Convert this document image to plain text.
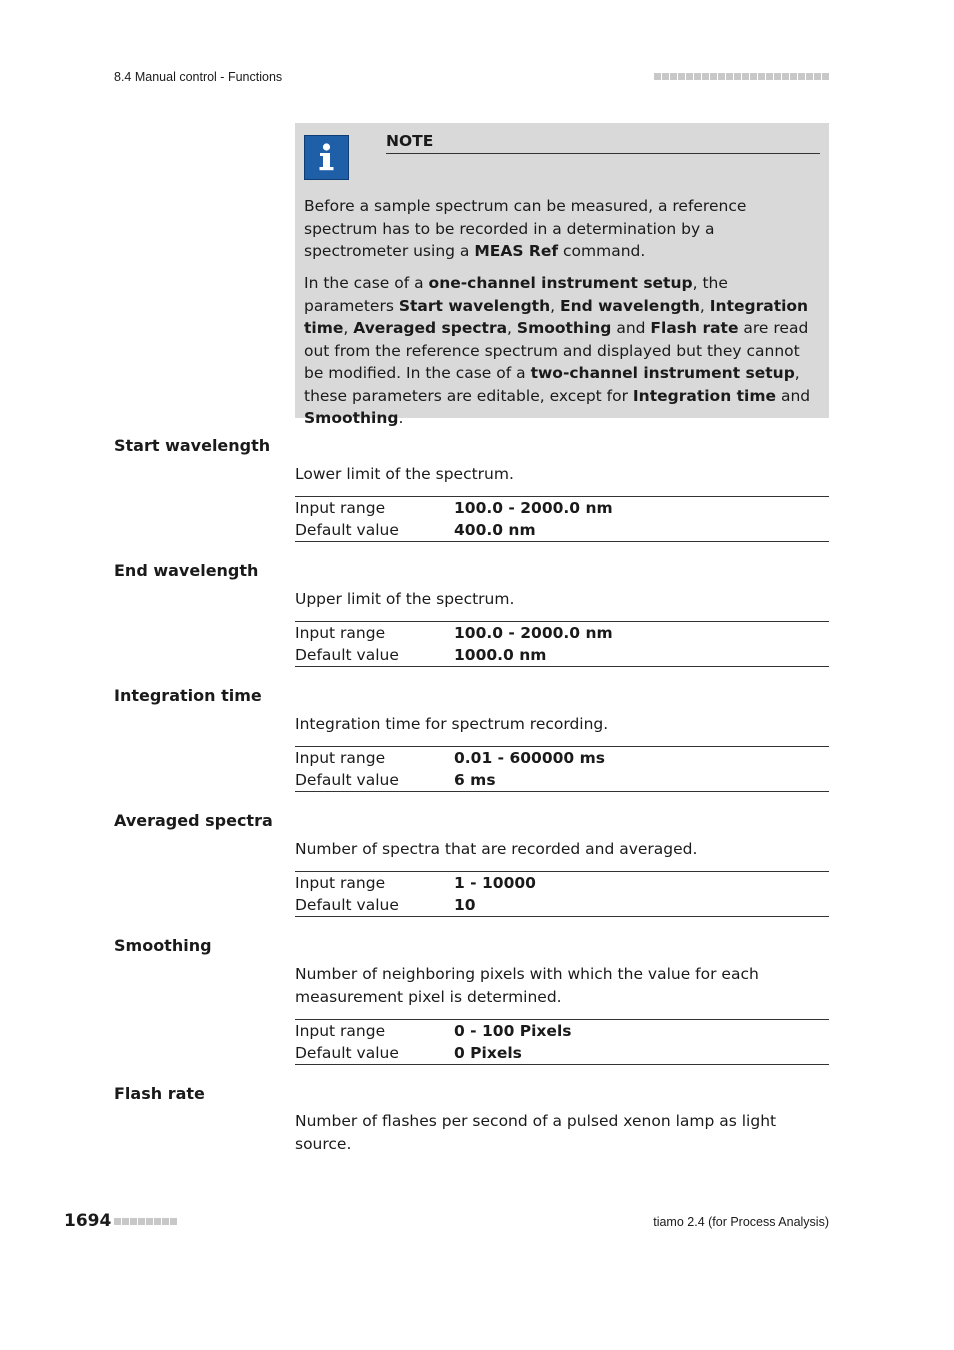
8.4 Manual control - Functions
NOTE

Before a sample spectrum can be measured, a reference spectrum has to be recorded in a determination by a spectrometer using a MEAS Ref command.

In the case of a one-channel instrument setup, the parameters Start wavelength, End wavelength, Integration time, Averaged spectra, Smoothing and Flash rate are read out from the reference spectrum and displayed but they cannot be modified. In the case of a two-channel instrument setup, these parameters are editable, except for Integration time and Smoothing.

Start wavelength

Lower limit of the spectrum.

Input range	100.0 - 2000.0 nm
Default value	400.0 nm
End wavelength

Upper limit of the spectrum.

Input range	100.0 - 2000.0 nm
Default value	1000.0 nm
Integration time

Integration time for spectrum recording.

Input range	0.01 - 600000 ms
Default value	6 ms
Averaged spectra

Number of spectra that are recorded and averaged.

Input range	1 - 10000
Default value	10
Smoothing

Number of neighboring pixels with which the value for each measurement pixel is determined.

Input range	0 - 100 Pixels
Default value	0 Pixels
Flash rate

Number of flashes per second of a pulsed xenon lamp as light source.

1694	tiamo 2.4 (for Process Analysis)
